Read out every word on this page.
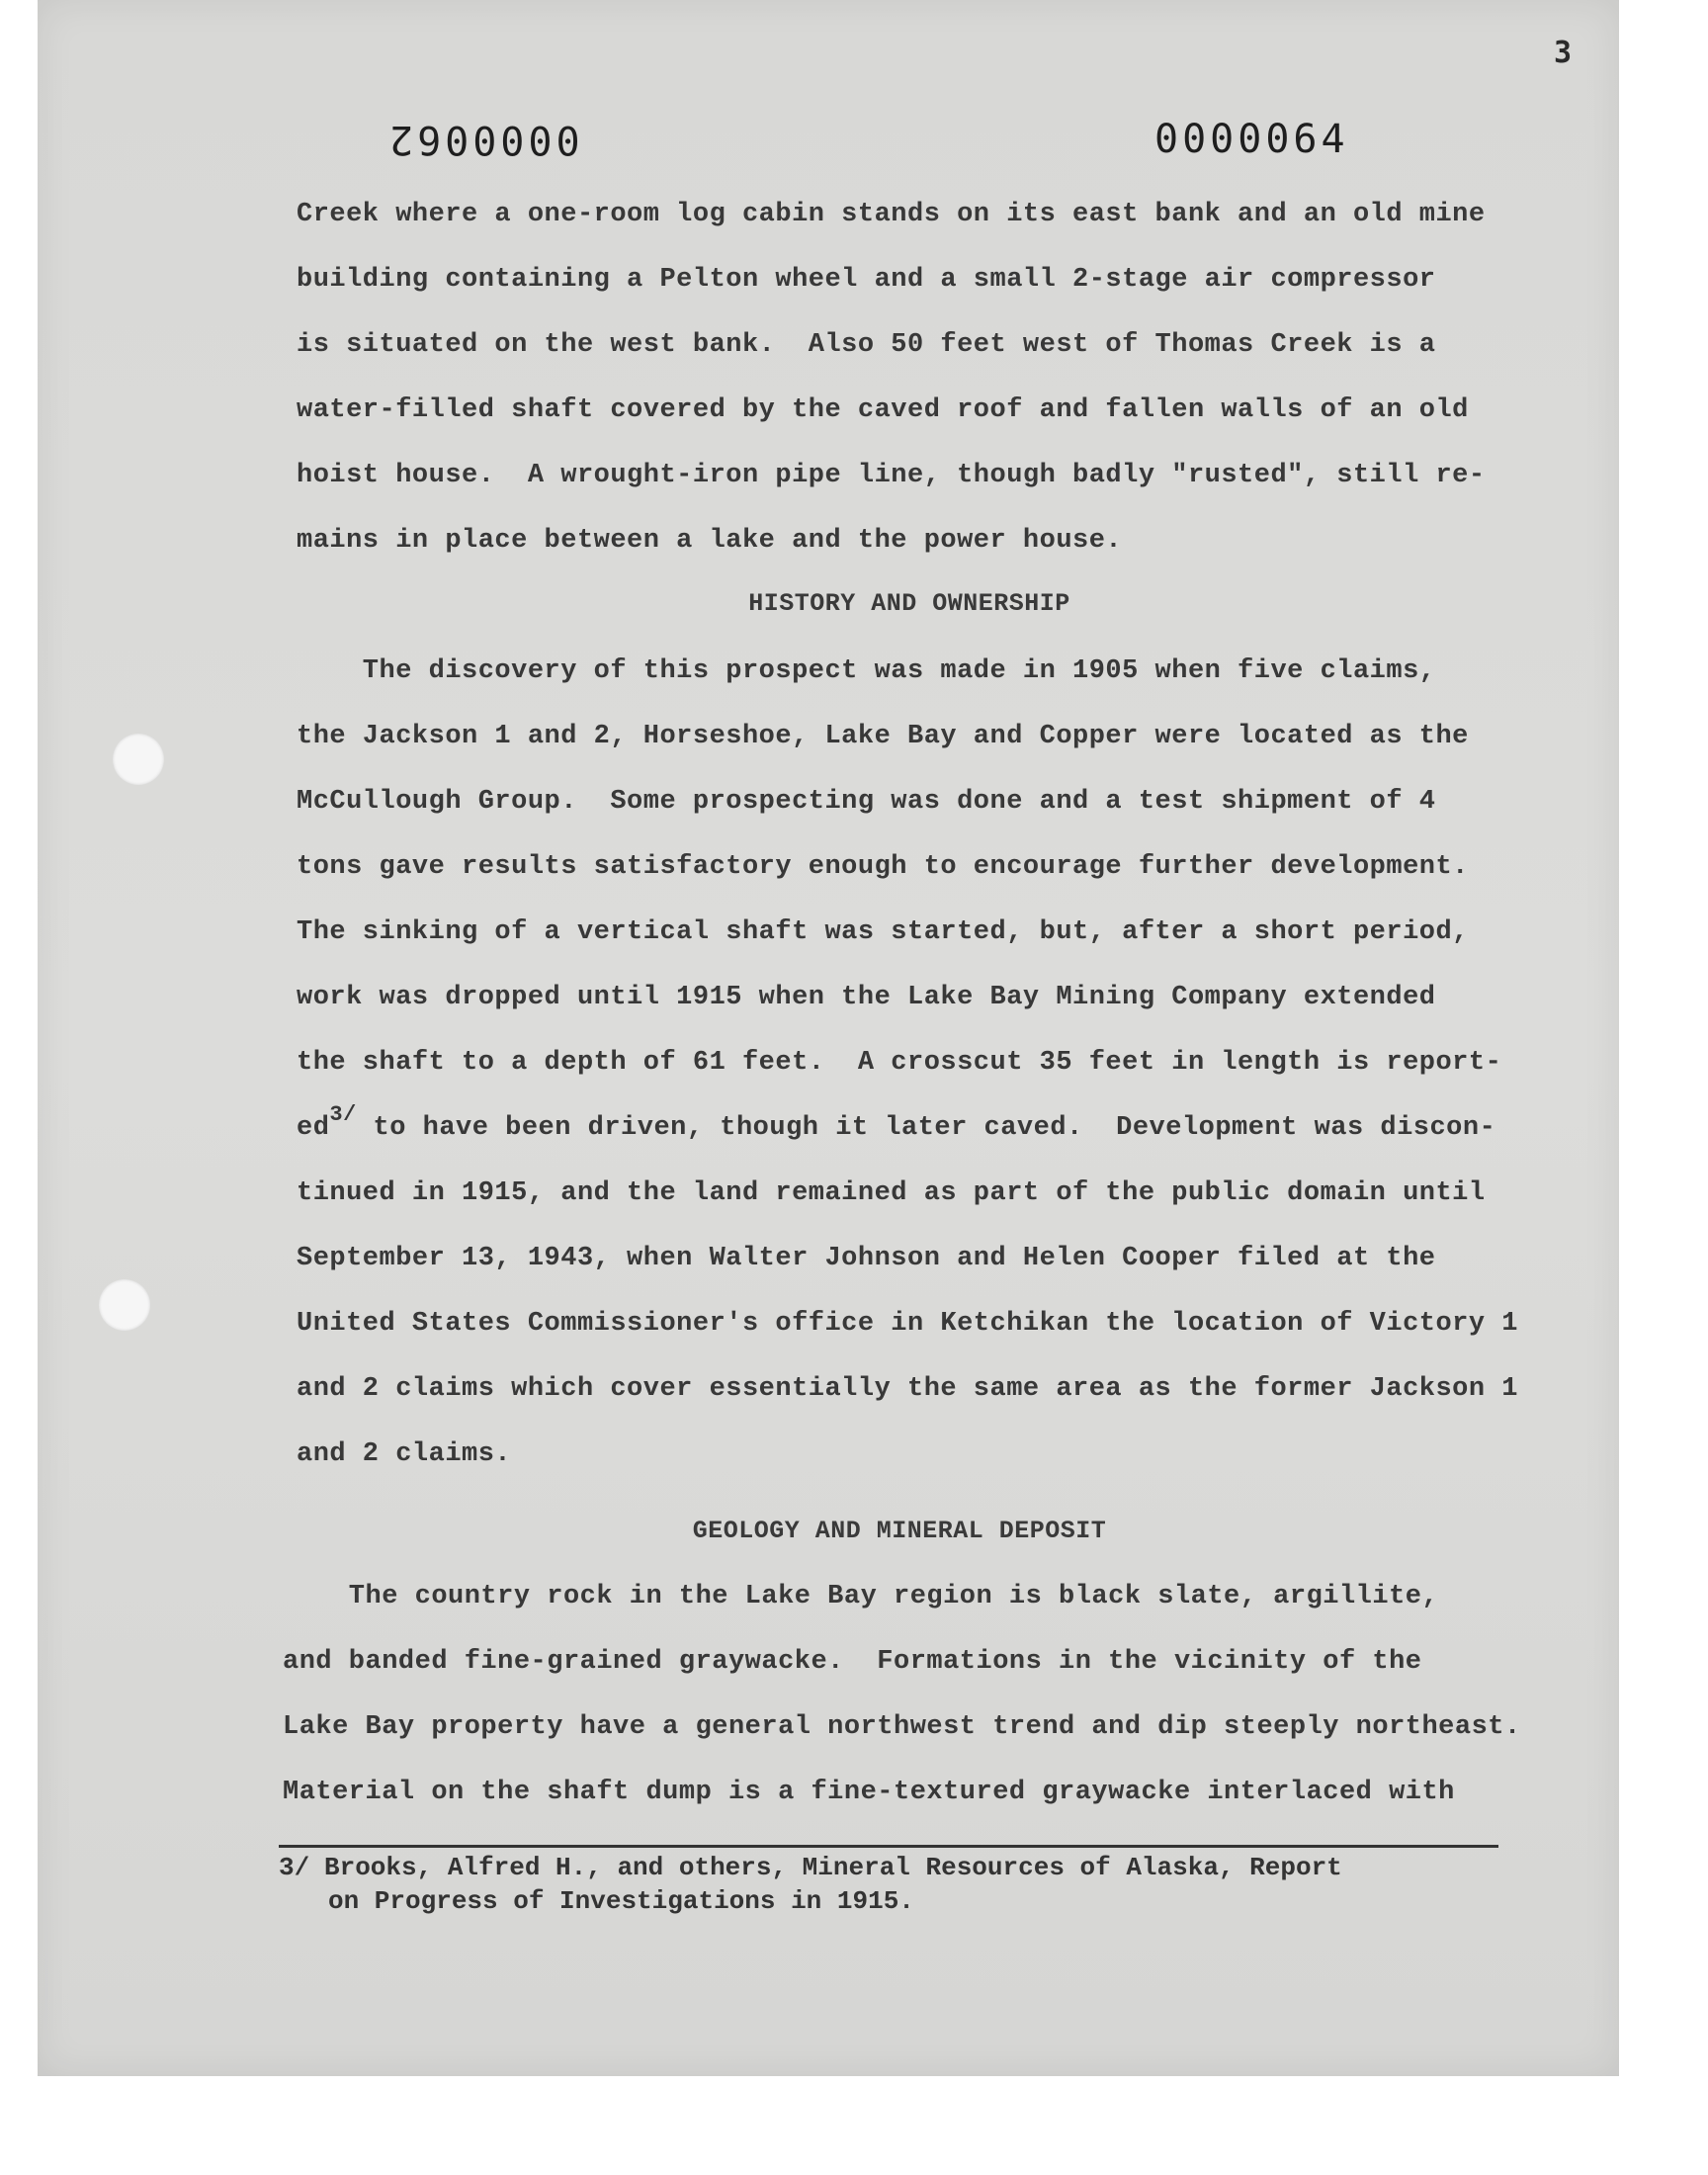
3
0000062	0000064
Creek where a one-room log cabin stands on its east bank and an old mine
building containing a Pelton wheel and a small 2-stage air compressor
is situated on the west bank.  Also 50 feet west of Thomas Creek is a
water-filled shaft covered by the caved roof and fallen walls of an old
hoist house.  A wrought-iron pipe line, though badly "rusted", still re-
mains in place between a lake and the power house.
HISTORY AND OWNERSHIP
The discovery of this prospect was made in 1905 when five claims,
the Jackson 1 and 2, Horseshoe, Lake Bay and Copper were located as the
McCullough Group.  Some prospecting was done and a test shipment of 4
tons gave results satisfactory enough to encourage further development.
The sinking of a vertical shaft was started, but, after a short period,
work was dropped until 1915 when the Lake Bay Mining Company extended
the shaft to a depth of 61 feet.  A crosscut 35 feet in length is report-
ed$^{3/}$ to have been driven, though it later caved.  Development was discon-
tinued in 1915, and the land remained as part of the public domain until
September 13, 1943, when Walter Johnson and Helen Cooper filed at the
United States Commissioner's office in Ketchikan the location of Victory 1
and 2 claims which cover essentially the same area as the former Jackson 1
and 2 claims.
GEOLOGY AND MINERAL DEPOSIT
The country rock in the Lake Bay region is black slate, argillite,
and banded fine-grained graywacke.  Formations in the vicinity of the
Lake Bay property have a general northwest trend and dip steeply northeast.
Material on the shaft dump is a fine-textured graywacke interlaced with
3/ Brooks, Alfred H., and others, Mineral Resources of Alaska, Report
on Progress of Investigations in 1915.
